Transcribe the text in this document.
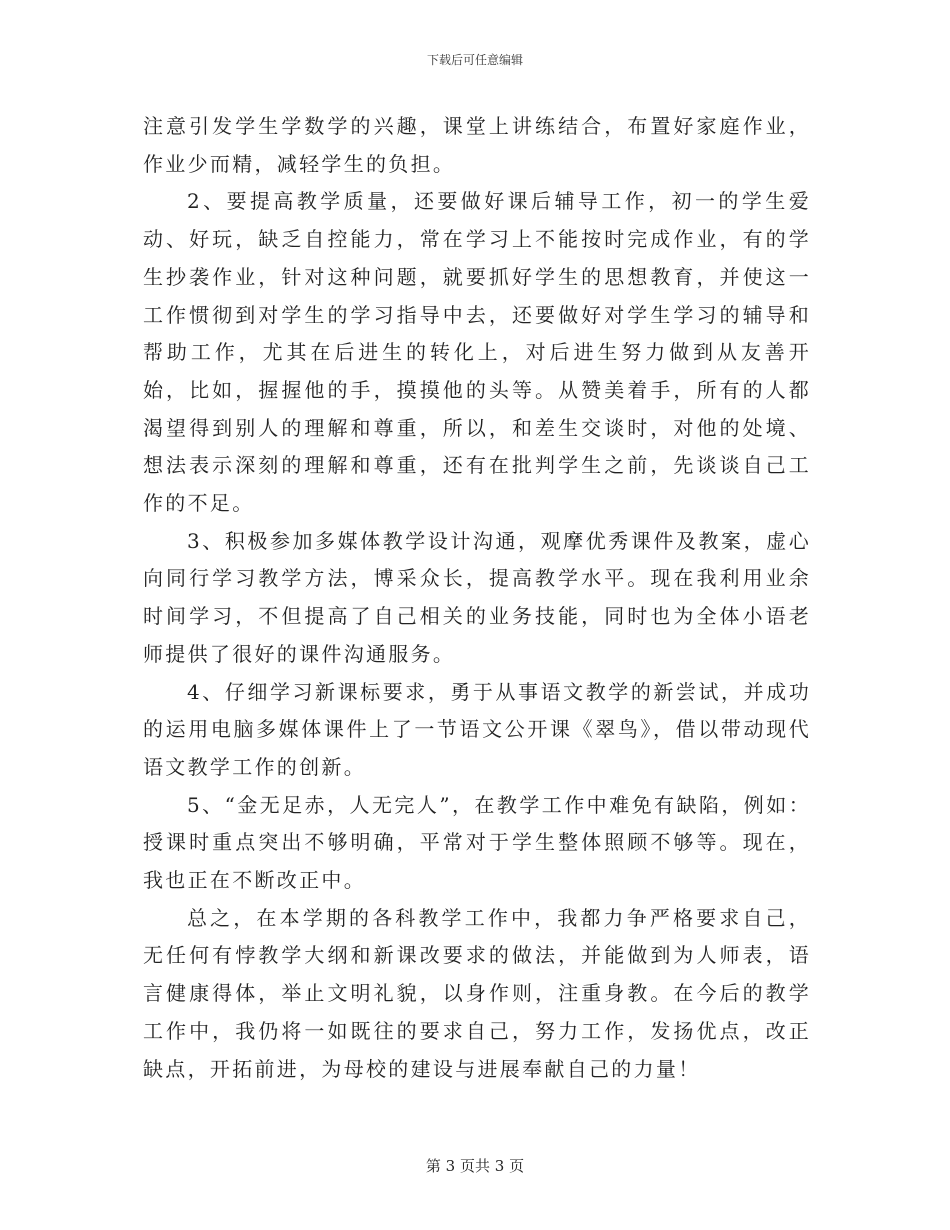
下载后可任意编辑

注意引发学生学数学的兴趣，课堂上讲练结合，布置好家庭作业，作业少而精，减轻学生的负担。

2、要提高教学质量，还要做好课后辅导工作，初一的学生爱动、好玩，缺乏自控能力，常在学习上不能按时完成作业，有的学生抄袭作业，针对这种问题，就要抓好学生的思想教育，并使这一工作惯彻到对学生的学习指导中去，还要做好对学生学习的辅导和帮助工作，尤其在后进生的转化上，对后进生努力做到从友善开始，比如，握握他的手，摸摸他的头等。从赞美着手，所有的人都渴望得到别人的理解和尊重，所以，和差生交谈时，对他的处境、想法表示深刻的理解和尊重，还有在批判学生之前，先谈谈自己工作的不足。

3、积极参加多媒体教学设计沟通，观摩优秀课件及教案，虚心向同行学习教学方法，博采众长，提高教学水平。现在我利用业余时间学习，不但提高了自己相关的业务技能，同时也为全体小语老师提供了很好的课件沟通服务。

4、仔细学习新课标要求，勇于从事语文教学的新尝试，并成功的运用电脑多媒体课件上了一节语文公开课《翠鸟》，借以带动现代语文教学工作的创新。

5、“金无足赤，人无完人”，在教学工作中难免有缺陷，例如：授课时重点突出不够明确，平常对于学生整体照顾不够等。现在，我也正在不断改正中。

总之，在本学期的各科教学工作中，我都力争严格要求自己，无任何有悖教学大纲和新课改要求的做法，并能做到为人师表，语言健康得体，举止文明礼貌，以身作则，注重身教。在今后的教学工作中，我仍将一如既往的要求自己，努力工作，发扬优点，改正缺点，开拓前进，为母校的建设与进展奉献自己的力量！

第 3 页共 3 页
